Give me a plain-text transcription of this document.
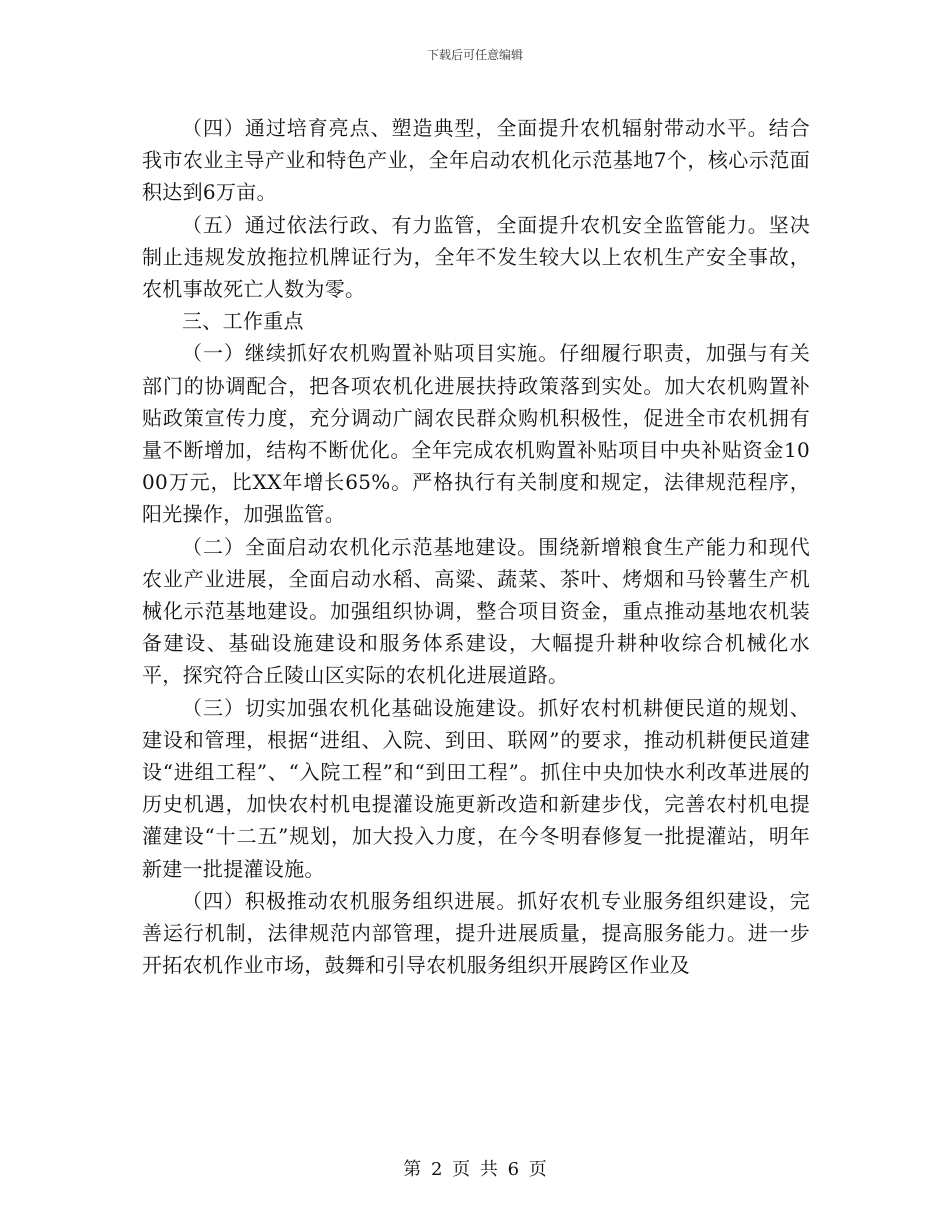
下载后可任意编辑

（四）通过培育亮点、塑造典型，全面提升农机辐射带动水平。结合我市农业主导产业和特色产业，全年启动农机化示范基地7个，核心示范面积达到6万亩。

（五）通过依法行政、有力监管，全面提升农机安全监管能力。坚决制止违规发放拖拉机牌证行为，全年不发生较大以上农机生产安全事故，农机事故死亡人数为零。

三、工作重点

（一）继续抓好农机购置补贴项目实施。仔细履行职责，加强与有关部门的协调配合，把各项农机化进展扶持政策落到实处。加大农机购置补贴政策宣传力度，充分调动广阔农民群众购机积极性，促进全市农机拥有量不断增加，结构不断优化。全年完成农机购置补贴项目中央补贴资金1000万元，比XX年增长65%。严格执行有关制度和规定，法律规范程序，阳光操作，加强监管。

（二）全面启动农机化示范基地建设。围绕新增粮食生产能力和现代农业产业进展，全面启动水稻、高粱、蔬菜、茶叶、烤烟和马铃薯生产机械化示范基地建设。加强组织协调，整合项目资金，重点推动基地农机装备建设、基础设施建设和服务体系建设，大幅提升耕种收综合机械化水平，探究符合丘陵山区实际的农机化进展道路。

（三）切实加强农机化基础设施建设。抓好农村机耕便民道的规划、建设和管理，根据“进组、入院、到田、联网”的要求，推动机耕便民道建设“进组工程”、“入院工程”和“到田工程”。抓住中央加快水利改革进展的历史机遇，加快农村机电提灌设施更新改造和新建步伐，完善农村机电提灌建设“十二五”规划，加大投入力度，在今冬明春修复一批提灌站，明年新建一批提灌设施。

（四）积极推动农机服务组织进展。抓好农机专业服务组织建设，完善运行机制，法律规范内部管理，提升进展质量，提高服务能力。进一步开拓农机作业市场，鼓舞和引导农机服务组织开展跨区作业及

第 2 页 共 6 页
